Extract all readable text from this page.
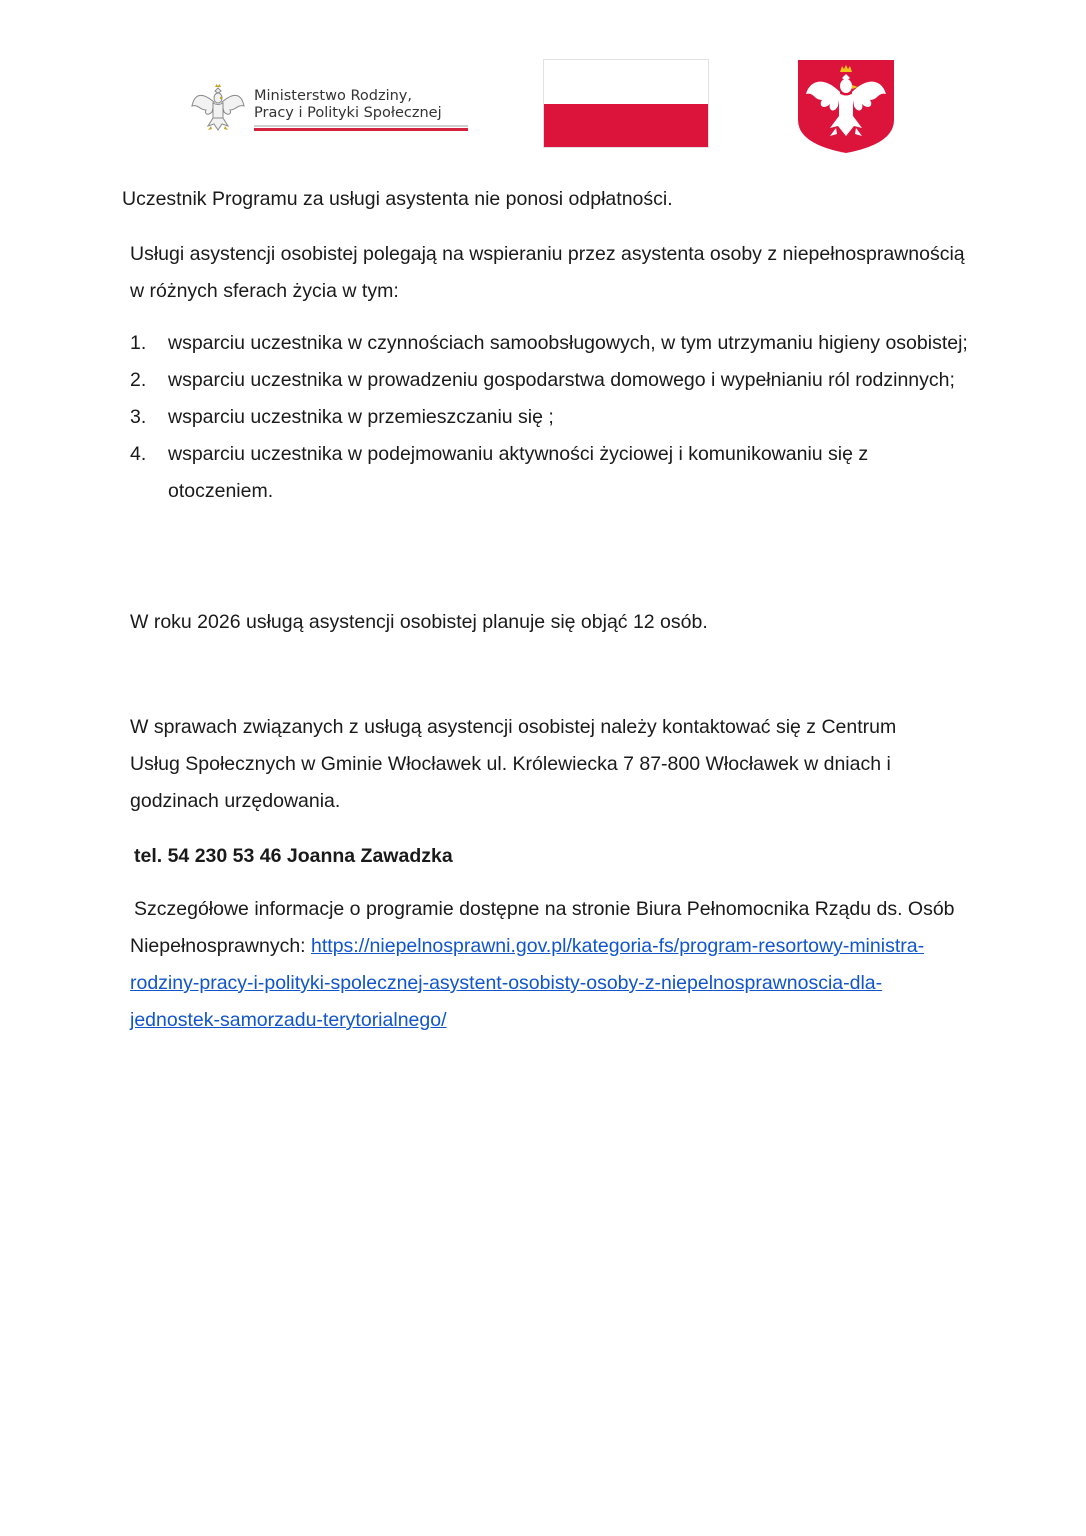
Ministerstwo Rodziny,
Pracy i Polityki Społecznej
Uczestnik Programu za usługi asystenta nie ponosi odpłatności.
Usługi asystencji osobistej polegają na wspieraniu przez asystenta osoby z niepełnosprawnością w różnych sferach życia w tym:
1. wsparciu uczestnika w czynnościach samoobsługowych, w tym utrzymaniu higieny osobistej;
2. wsparciu uczestnika w prowadzeniu gospodarstwa domowego i wypełnianiu ról rodzinnych;
3. wsparciu uczestnika w przemieszczaniu się ;
4. wsparciu uczestnika w podejmowaniu aktywności życiowej i komunikowaniu się z otoczeniem.
W roku 2026 usługą asystencji osobistej planuje się objąć 12 osób.
W sprawach związanych z usługą asystencji osobistej należy kontaktować się z Centrum Usług Społecznych w Gminie Włocławek ul. Królewiecka 7 87-800 Włocławek w dniach i godzinach urzędowania.
tel. 54 230 53 46 Joanna Zawadzka
Szczegółowe informacje o programie dostępne na stronie Biura Pełnomocnika Rządu ds. Osób Niepełnosprawnych: https:/​/​niepelnosprawni.gov.pl/​kategoria-​fs/​program-​resortowy-​ministra-​rodziny-​pracy-​i-​polityki-​spolecznej-​asystent-​osobisty-​osoby-​z-​niepelnosprawnoscia-​dla-​jednostek-​samorzadu-​terytorialnego/​
